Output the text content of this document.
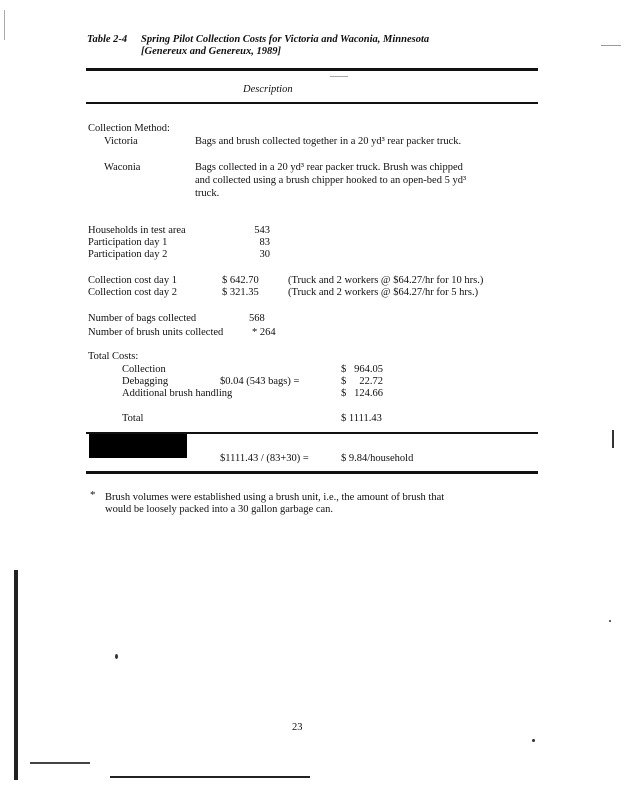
Table 2-4 Spring Pilot Collection Costs for Victoria and Waconia, Minnesota
[Genereux and Genereux, 1989]
Description
Collection Method:
Victoria	Bags and brush collected together in a 20 yd³ rear packer truck.
Waconia	Bags collected in a 20 yd³ rear packer truck. Brush was chipped
and collected using a brush chipper hooked to an open-bed 5 yd³
truck.
Households in test area	543
Participation day 1	83
Participation day 2	30
Collection cost day 1	$ 642.70	(Truck and 2 workers @ $64.27/hr for 10 hrs.)
Collection cost day 2	$ 321.35	(Truck and 2 workers @ $64.27/hr for 5 hrs.)
Number of bags collected	568
Number of brush units collected	* 264
Total Costs:
Collection	$   964.05
Debagging	$0.04 (543 bags) =	$     22.72
Additional brush handling	$   124.66
Total	$ 1111.43
$1111.43 / (83+30) =	$ 9.84/household
* Brush volumes were established using a brush unit, i.e., the amount of brush that
would be loosely packed into a 30 gallon garbage can.
23
